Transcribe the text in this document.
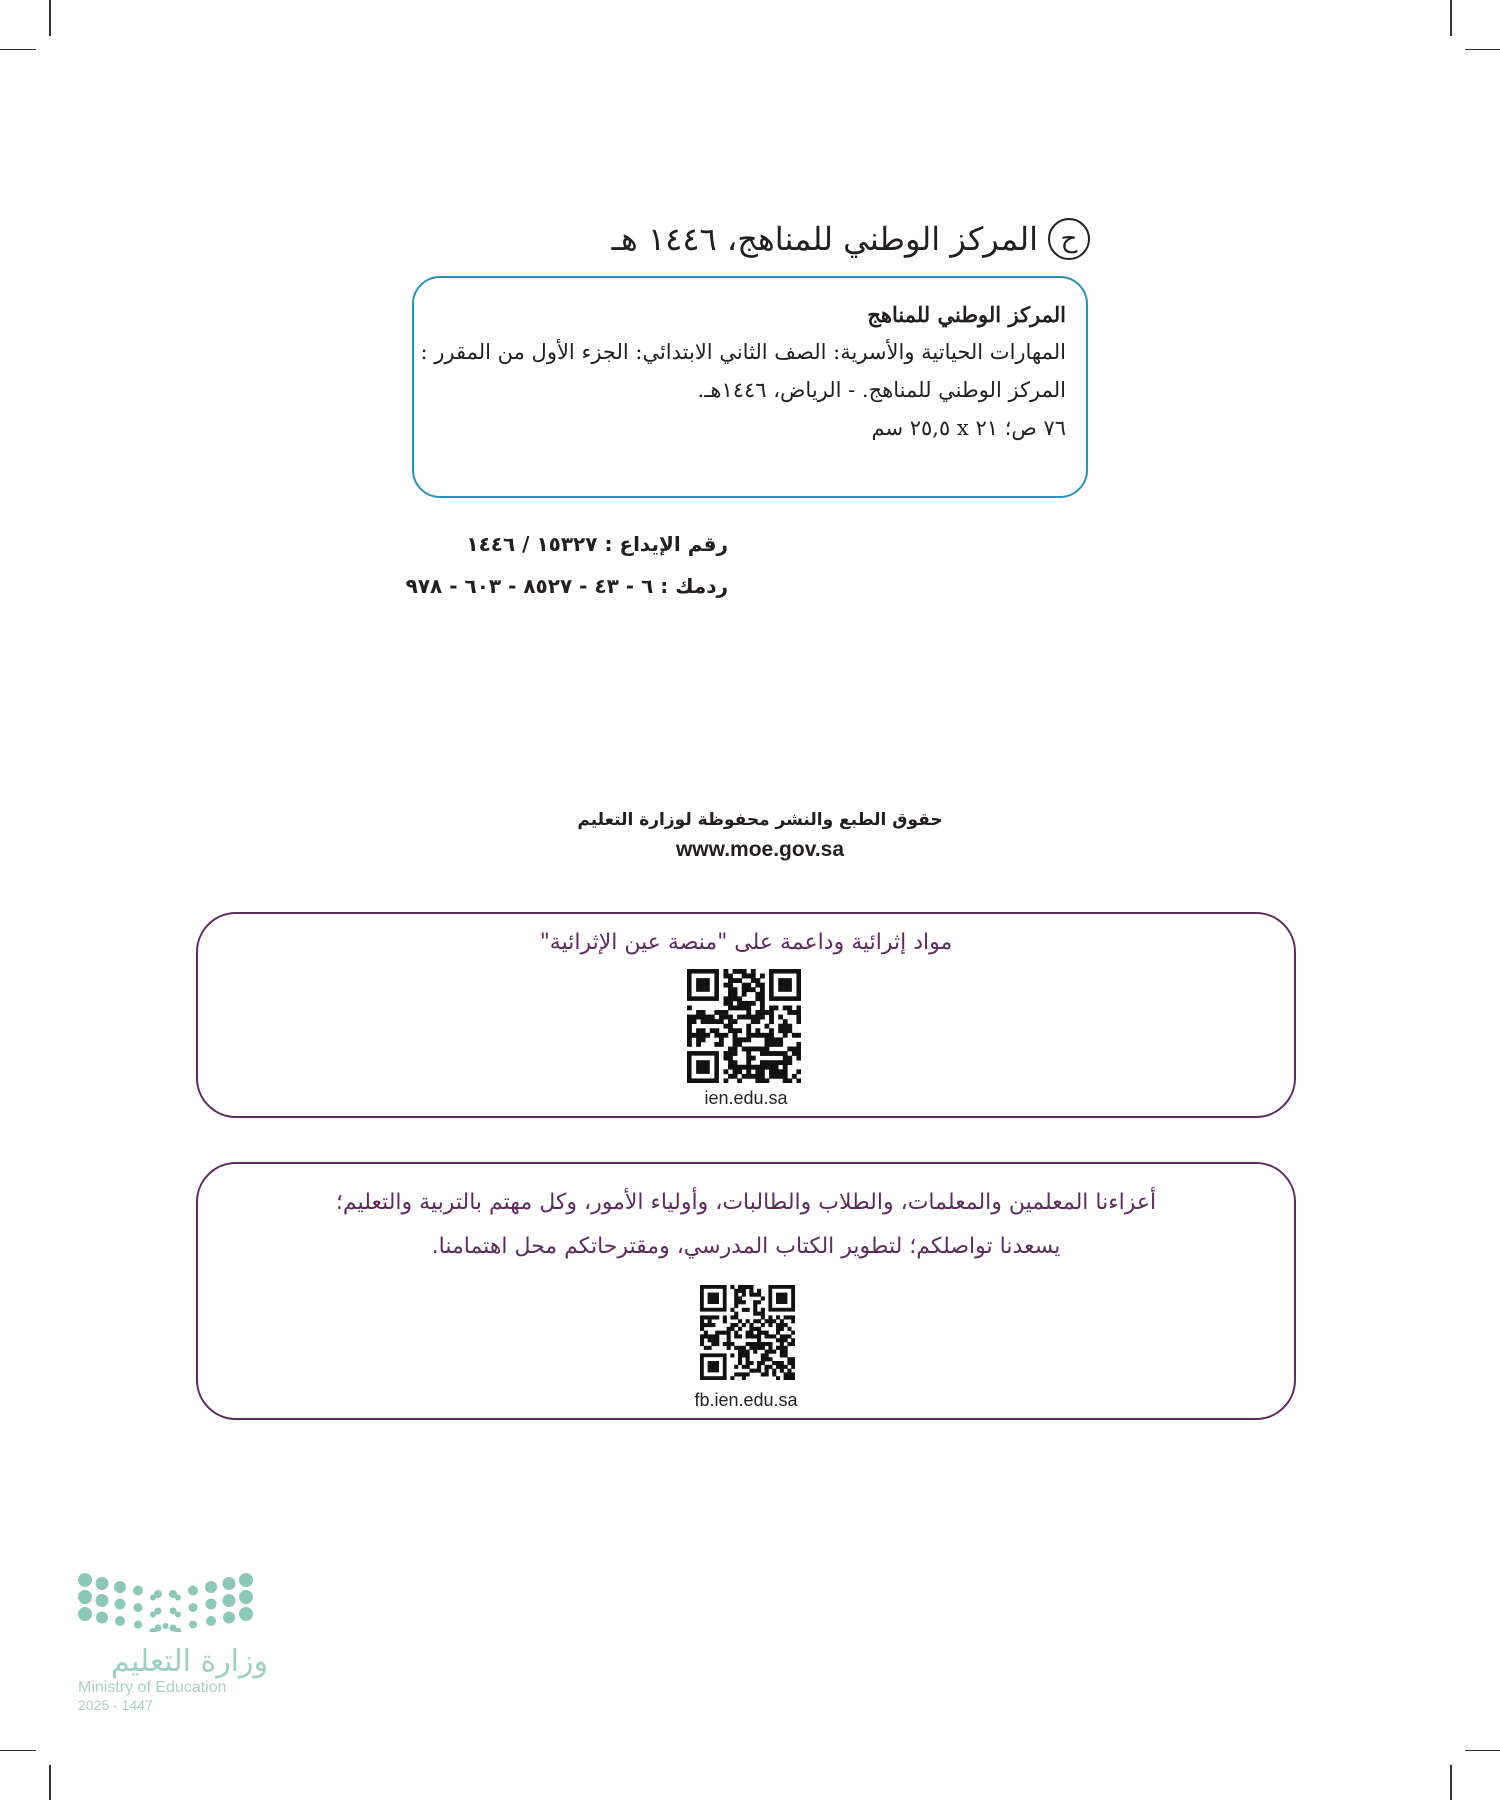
ح
المركز الوطني للمناهج، ١٤٤٦ هـ
المركز الوطني للمناهج
المهارات الحياتية والأسرية: الصف الثاني الابتدائي: الجزء الأول من المقرر :
المركز الوطني للمناهج. - الرياض، ١٤٤٦هـ.
٧٦ ص؛ ٢١ x ٢٥,٥ سم
رقم الإيداع : ١٥٣٢٧ / ١٤٤٦
ردمك : ٦ - ٤٣ - ٨٥٢٧ - ٦٠٣ - ٩٧٨
حقوق الطبع والنشر محفوظة لوزارة التعليم
www.moe.gov.sa
مواد إثرائية وداعمة على "منصة عين الإثرائية"
ien.edu.sa
أعزاءنا المعلمين والمعلمات، والطلاب والطالبات، وأولياء الأمور، وكل مهتم بالتربية والتعليم؛
يسعدنا تواصلكم؛ لتطوير الكتاب المدرسي، ومقترحاتكم محل اهتمامنا.
fb.ien.edu.sa
وزارة التعليم
Ministry of Education
2025 - 1447
